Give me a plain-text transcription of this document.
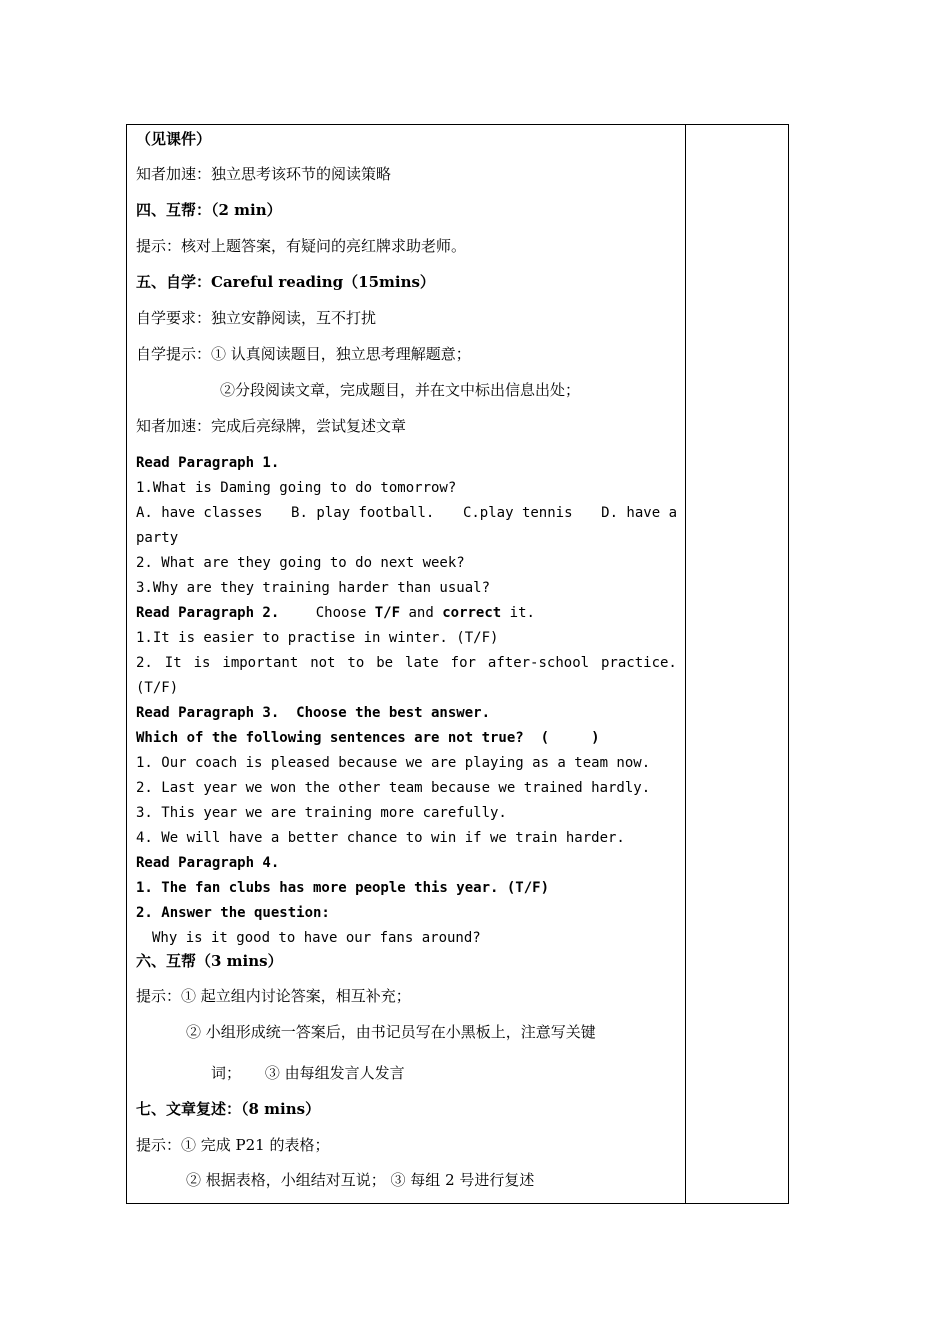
（见课件）
知者加速：独立思考该环节的阅读策略
四、互帮：（2 min）
提示：核对上题答案，有疑问的亮红牌求助老师。
五、自学：Careful reading（15mins）
自学要求：独立安静阅读，互不打扰
自学提示：① 认真阅读题目，独立思考理解题意；
②分段阅读文章，完成题目，并在文中标出信息出处；
知者加速：完成后亮绿牌，尝试复述文章
Read Paragraph 1.
1.What is Daming going to do tomorrow?
A. have classes B. play football. C.play tennis D. have a
party
2. What are they going to do next week?
3.Why are they training harder than usual?
Read Paragraph 2.	Choose T/F and correct it.
1.It is easier to practise in winter. (T/F)
2. It is important not to be late for after-school practice.
(T/F)
Read Paragraph 3.  Choose the best answer.
Which of the following sentences are not true?  (     )
1. Our coach is pleased because we are playing as a team now.
2. Last year we won the other team because we trained hardly.
3. This year we are training more carefully.
4. We will have a better chance to win if we train harder.
Read Paragraph 4.
1. The fan clubs has more people this year. (T/F)
2. Answer the question:
Why is it good to have our fans around?
六、互帮（3 mins）
提示：① 起立组内讨论答案，相互补充；
② 小组形成统一答案后，由书记员写在小黑板上，注意写关键
词；     ③ 由每组发言人发言
七、文章复述：（8 mins）
提示：① 完成 P21 的表格；
② 根据表格，小组结对互说； ③ 每组 2 号进行复述
